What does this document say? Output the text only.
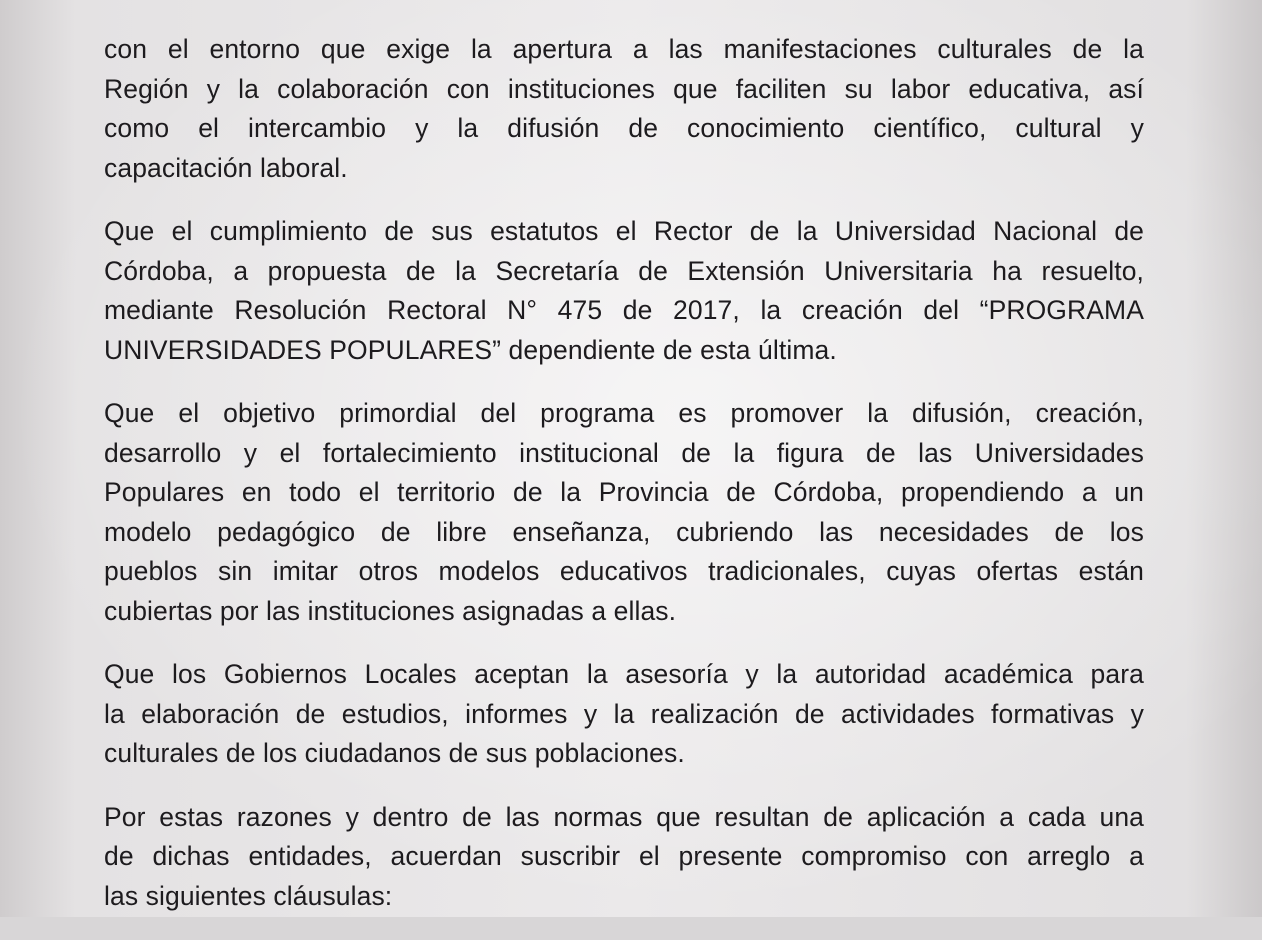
con el entorno que exige la apertura a las manifestaciones culturales de la
Región y la colaboración con instituciones que faciliten su labor educativa, así
como el intercambio y la difusión de conocimiento científico, cultural y
capacitación laboral.

Que el cumplimiento de sus estatutos el Rector de la Universidad Nacional de
Córdoba, a propuesta de la Secretaría de Extensión Universitaria ha resuelto,
mediante Resolución Rectoral N° 475 de 2017, la creación del “PROGRAMA
UNIVERSIDADES POPULARES” dependiente de esta última.

Que el objetivo primordial del programa es promover la difusión, creación,
desarrollo y el fortalecimiento institucional de la figura de las Universidades
Populares en todo el territorio de la Provincia de Córdoba, propendiendo a un
modelo pedagógico de libre enseñanza, cubriendo las necesidades de los
pueblos sin imitar otros modelos educativos tradicionales, cuyas ofertas están
cubiertas por las instituciones asignadas a ellas.

Que los Gobiernos Locales aceptan la asesoría y la autoridad académica para
la elaboración de estudios, informes y la realización de actividades formativas y
culturales de los ciudadanos de sus poblaciones.

Por estas razones y dentro de las normas que resultan de aplicación a cada una
de dichas entidades, acuerdan suscribir el presente compromiso con arreglo a
las siguientes cláusulas:
